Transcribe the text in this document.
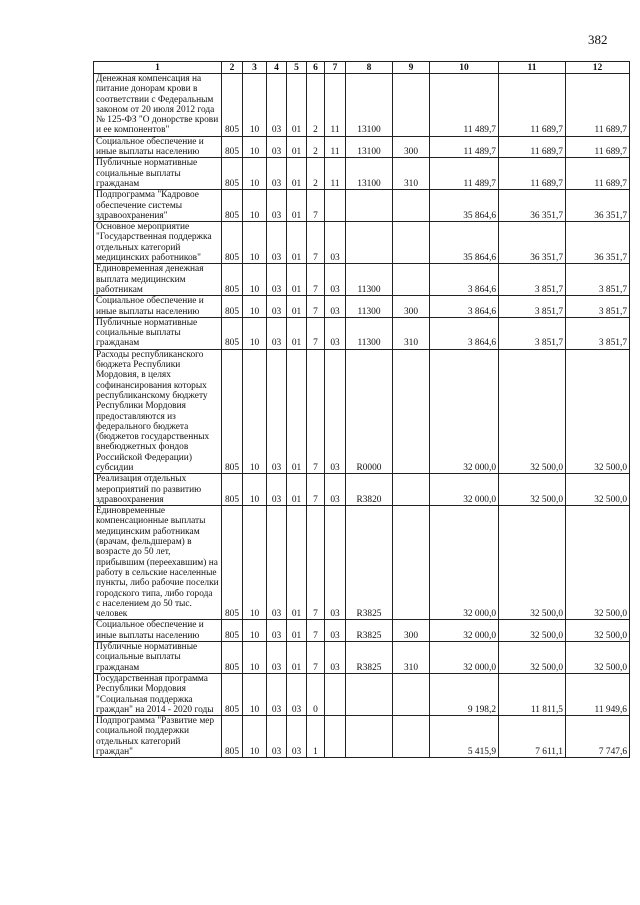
382
1	2	3	4	5	6	7	8	9	10	11	12
Денежная компенсация на питание донорам крови в соответствии с Федеральным законом от 20 июля 2012 года № 125-ФЗ "О донорстве крови и ее компонентов"	805	10	03	01	2	11	13100		11 489,7	11 689,7	11 689,7
Социальное обеспечение и иные выплаты населению	805	10	03	01	2	11	13100	300	11 489,7	11 689,7	11 689,7
Публичные нормативные социальные выплаты гражданам	805	10	03	01	2	11	13100	310	11 489,7	11 689,7	11 689,7
Подпрограмма "Кадровое обеспечение системы здравоохранения"	805	10	03	01	7				35 864,6	36 351,7	36 351,7
Основное мероприятие "Государственная поддержка отдельных категорий медицинских работников"	805	10	03	01	7	03			35 864,6	36 351,7	36 351,7
Единовременная денежная выплата медицинским работникам	805	10	03	01	7	03	11300		3 864,6	3 851,7	3 851,7
Социальное обеспечение и иные выплаты населению	805	10	03	01	7	03	11300	300	3 864,6	3 851,7	3 851,7
Публичные нормативные социальные выплаты гражданам	805	10	03	01	7	03	11300	310	3 864,6	3 851,7	3 851,7
Расходы республиканского бюджета Республики Мордовия, в целях софинансирования которых республиканскому бюджету Республики Мордовия предоставляются из федерального бюджета (бюджетов государственных внебюджетных фондов Российской Федерации) субсидии	805	10	03	01	7	03	R0000		32 000,0	32 500,0	32 500,0
Реализация отдельных мероприятий по развитию здравоохранения	805	10	03	01	7	03	R3820		32 000,0	32 500,0	32 500,0
Единовременные компенсационные выплаты медицинским работникам (врачам, фельдшерам) в возрасте до 50 лет, прибывшим (переехавшим) на работу в сельские населенные пункты, либо рабочие поселки городского типа, либо города с населением до 50 тыс. человек	805	10	03	01	7	03	R3825		32 000,0	32 500,0	32 500,0
Социальное обеспечение и иные выплаты населению	805	10	03	01	7	03	R3825	300	32 000,0	32 500,0	32 500,0
Публичные нормативные социальные выплаты гражданам	805	10	03	01	7	03	R3825	310	32 000,0	32 500,0	32 500,0
Государственная программа Республики Мордовия "Социальная поддержка граждан" на 2014 - 2020 годы	805	10	03	03	0				9 198,2	11 811,5	11 949,6
Подпрограмма "Развитие мер социальной поддержки отдельных категорий граждан"	805	10	03	03	1				5 415,9	7 611,1	7 747,6
